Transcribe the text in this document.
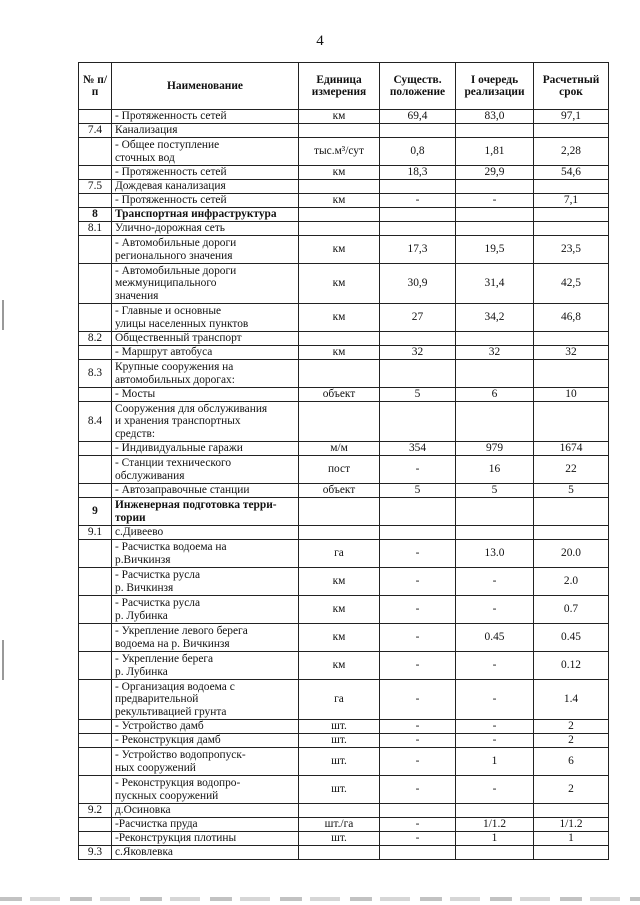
4
№ п/п	Наименование	Единица измерения	Существ. положение	I очередь реализации	Расчетный срок
	- Протяженность сетей	км	69,4	83,0	97,1
7.4	Канализация				
	- Общее поступление
сточных вод	тыс.м³/сут	0,8	1,81	2,28
	- Протяженность сетей	км	18,3	29,9	54,6
7.5	Дождевая канализация				
	- Протяженность сетей	км	-	-	7,1
8	Транспортная инфраструктура				
8.1	Улично-дорожная сеть				
	- Автомобильные дороги
регионального значения	км	17,3	19,5	23,5
	- Автомобильные дороги
межмуниципального
значения	км	30,9	31,4	42,5
	- Главные и основные
улицы населенных пунктов	км	27	34,2	46,8
8.2	Общественный транспорт				
	- Маршрут автобуса	км	32	32	32
8.3	Крупные сооружения на
автомобильных дорогах:				
	- Мосты	объект	5	6	10
8.4	Сооружения для обслуживания
и хранения транспортных
средств:				
	- Индивидуальные гаражи	м/м	354	979	1674
	- Станции технического
обслуживания	пост	-	16	22
	- Автозаправочные станции	объект	5	5	5
9	Инженерная подготовка терри-
тории				
9.1	с.Дивеево				
	- Расчистка водоема на
р.Вичкинзя	га	-	13.0	20.0
	- Расчистка русла
р. Вичкинзя	км	-	-	2.0
	- Расчистка русла
р. Лубинка	км	-	-	0.7
	- Укрепление левого берега
водоема на р. Вичкинзя	км	-	0.45	0.45
	- Укрепление берега
р. Лубинка	км	-	-	0.12
	- Организация водоема с
предварительной
рекультивацией грунта	га	-	-	1.4
	- Устройство дамб	шт.	-	-	2
	- Реконструкция дамб	шт.	-	-	2
	- Устройство водопропуск-
ных сооружений	шт.	-	1	6
	- Реконструкция водопро-
пускных сооружений	шт.	-	-	2
9.2	д.Осиновка				
	-Расчистка пруда	шт./га	-	1/1.2	1/1.2
	-Реконструкция плотины	шт.	-	1	1
9.3	с.Яковлевка				
